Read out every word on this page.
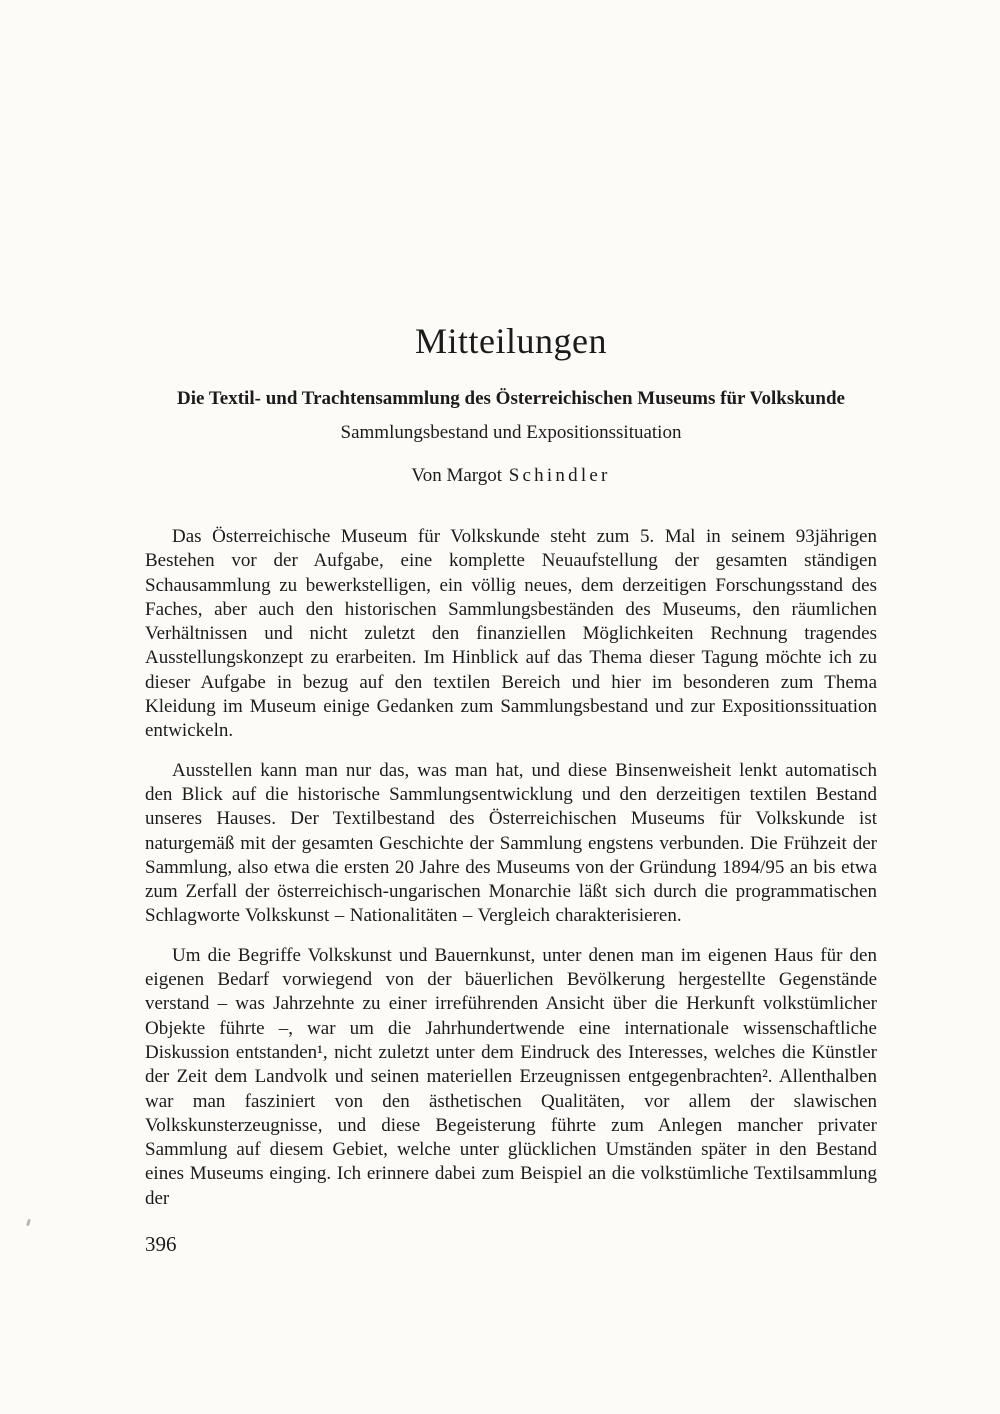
Mitteilungen
Die Textil- und Trachtensammlung des Österreichischen Museums für Volkskunde
Sammlungsbestand und Expositionssituation
Von Margot Schindler

Das Österreichische Museum für Volkskunde steht zum 5. Mal in seinem 93jährigen Bestehen vor der Aufgabe, eine komplette Neuaufstellung der gesamten ständigen Schausammlung zu bewerkstelligen, ein völlig neues, dem derzeitigen Forschungsstand des Faches, aber auch den historischen Sammlungsbeständen des Museums, den räumlichen Verhältnissen und nicht zuletzt den finanziellen Möglichkeiten Rechnung tragendes Ausstellungskonzept zu erarbeiten. Im Hinblick auf das Thema dieser Tagung möchte ich zu dieser Aufgabe in bezug auf den textilen Bereich und hier im besonderen zum Thema Kleidung im Museum einige Gedanken zum Sammlungsbestand und zur Expositionssituation entwickeln.

Ausstellen kann man nur das, was man hat, und diese Binsenweisheit lenkt automatisch den Blick auf die historische Sammlungsentwicklung und den derzeitigen textilen Bestand unseres Hauses. Der Textilbestand des Österreichischen Museums für Volkskunde ist naturgemäß mit der gesamten Geschichte der Sammlung engstens verbunden. Die Frühzeit der Sammlung, also etwa die ersten 20 Jahre des Museums von der Gründung 1894/95 an bis etwa zum Zerfall der österreichisch-ungarischen Monarchie läßt sich durch die programmatischen Schlagworte Volkskunst – Nationalitäten – Vergleich charakterisieren.

Um die Begriffe Volkskunst und Bauernkunst, unter denen man im eigenen Haus für den eigenen Bedarf vorwiegend von der bäuerlichen Bevölkerung hergestellte Gegenstände verstand – was Jahrzehnte zu einer irreführenden Ansicht über die Herkunft volkstümlicher Objekte führte –, war um die Jahrhundertwende eine internationale wissenschaftliche Diskussion entstanden¹, nicht zuletzt unter dem Eindruck des Interesses, welches die Künstler der Zeit dem Landvolk und seinen materiellen Erzeugnissen entgegenbrachten². Allenthalben war man fasziniert von den ästhetischen Qualitäten, vor allem der slawischen Volkskunsterzeugnisse, und diese Begeisterung führte zum Anlegen mancher privater Sammlung auf diesem Gebiet, welche unter glücklichen Umständen später in den Bestand eines Museums einging. Ich erinnere dabei zum Beispiel an die volkstümliche Textilsammlung der

396
